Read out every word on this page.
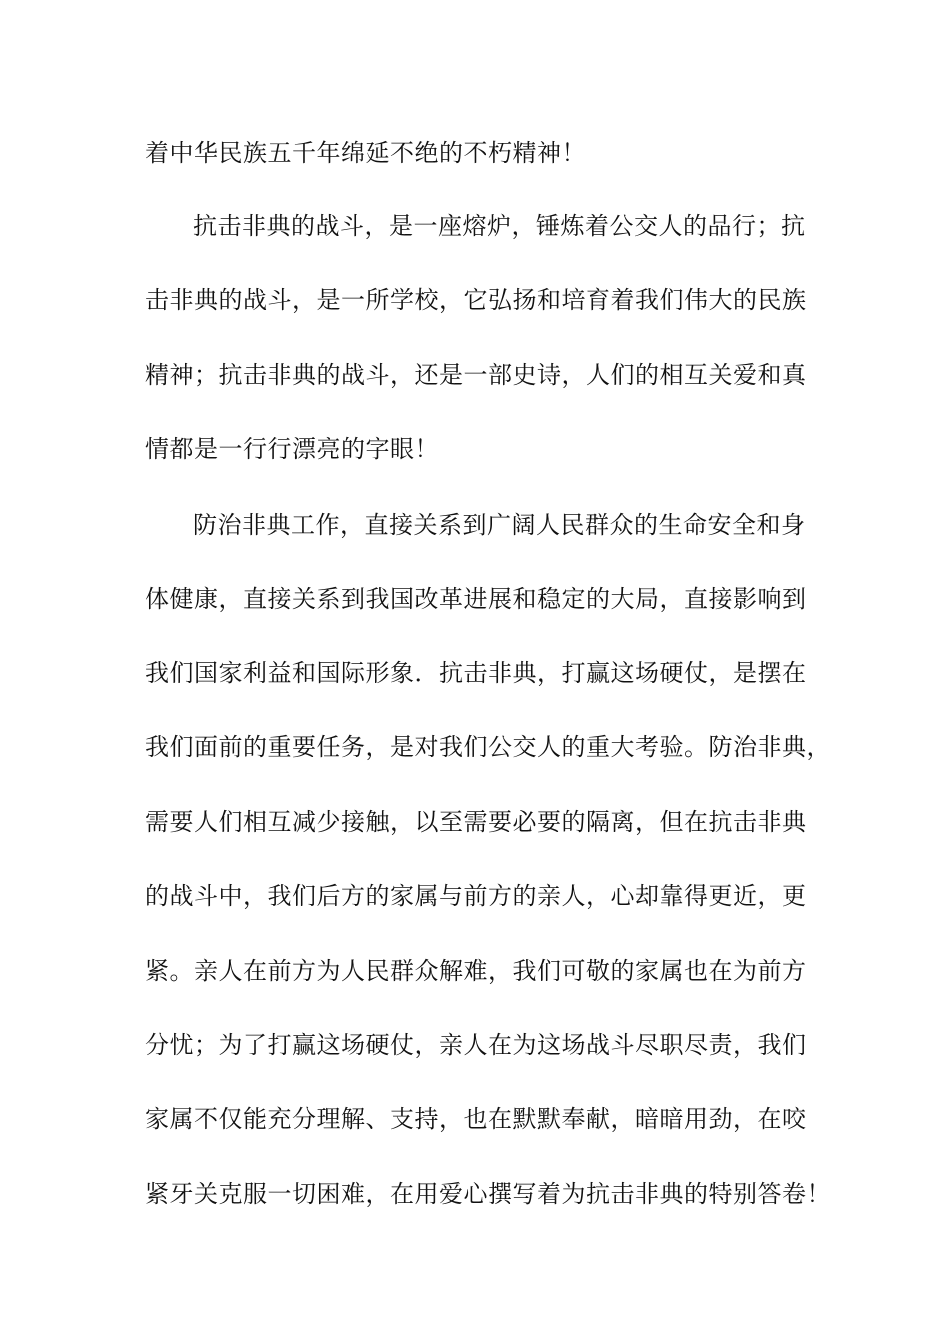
着中华民族五千年绵延不绝的不朽精神！
抗击非典的战斗，是一座熔炉，锤炼着公交人的品行；抗
击非典的战斗，是一所学校，它弘扬和培育着我们伟大的民族
精神；抗击非典的战斗，还是一部史诗，人们的相互关爱和真
情都是一行行漂亮的字眼！
防治非典工作，直接关系到广阔人民群众的生命安全和身
体健康，直接关系到我国改革进展和稳定的大局，直接影响到
我们国家利益和国际形象．抗击非典，打赢这场硬仗，是摆在
我们面前的重要任务，是对我们公交人的重大考验。防治非典，
需要人们相互减少接触，以至需要必要的隔离，但在抗击非典
的战斗中，我们后方的家属与前方的亲人，心却靠得更近，更
紧。亲人在前方为人民群众解难，我们可敬的家属也在为前方
分忧；为了打赢这场硬仗，亲人在为这场战斗尽职尽责，我们
家属不仅能充分理解、支持，也在默默奉献，暗暗用劲，在咬
紧牙关克服一切困难，在用爱心撰写着为抗击非典的特别答卷！
